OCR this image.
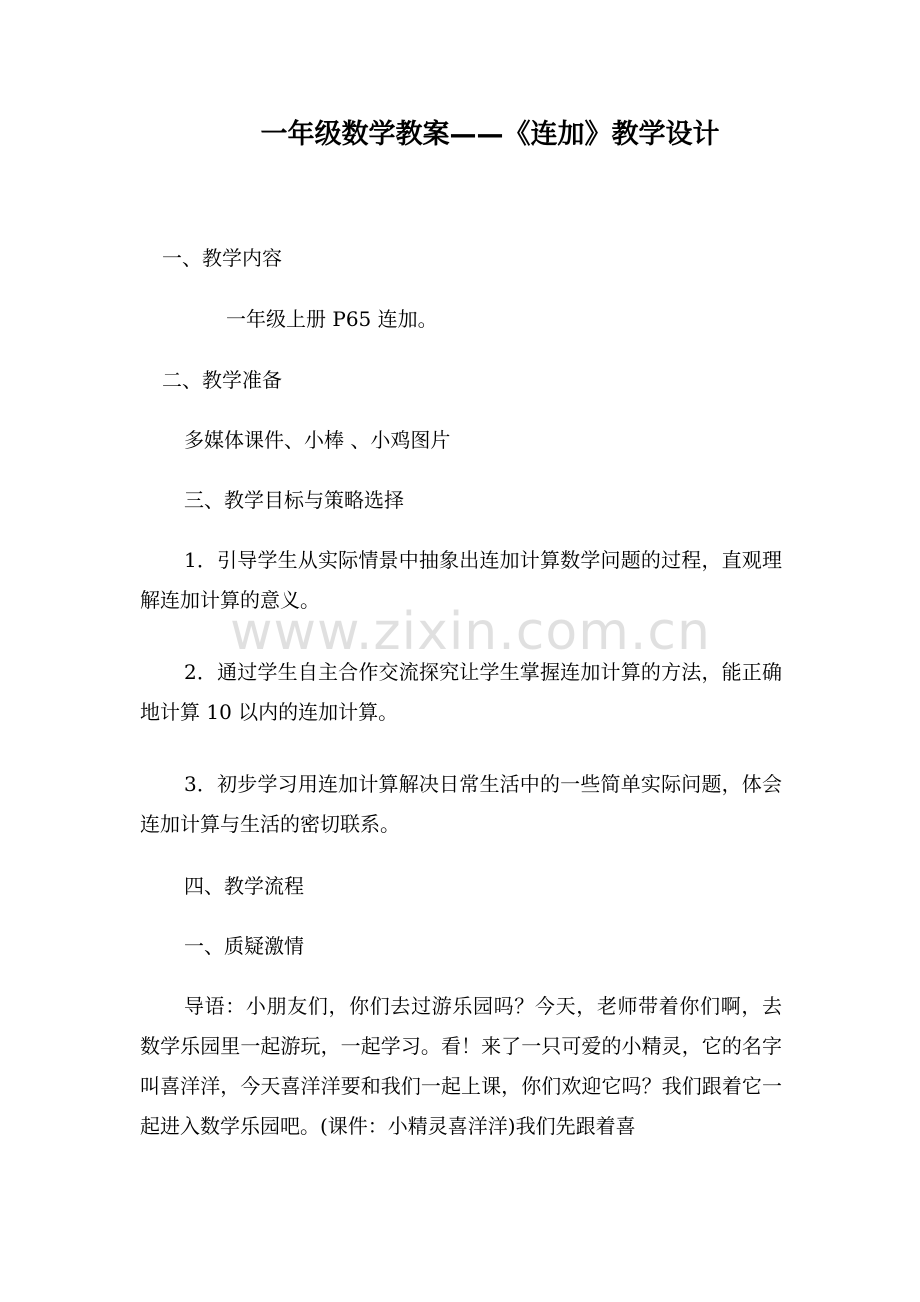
一年级数学教案——《连加》教学设计
一、教学内容
一年级上册 P65 连加。
二、教学准备
多媒体课件、小棒 、小鸡图片
三、教学目标与策略选择
1．引导学生从实际情景中抽象出连加计算数学问题的过程，直观理解连加计算的意义。
2．通过学生自主合作交流探究让学生掌握连加计算的方法，能正确地计算 10 以内的连加计算。
3．初步学习用连加计算解决日常生活中的一些简单实际问题，体会连加计算与生活的密切联系。
四、教学流程
一、质疑激情
导语：小朋友们，你们去过游乐园吗？今天，老师带着你们啊，去数学乐园里一起游玩，一起学习。看！来了一只可爱的小精灵，它的名字叫喜洋洋，今天喜洋洋要和我们一起上课，你们欢迎它吗？我们跟着它一起进入数学乐园吧。(课件：小精灵喜洋洋)我们先跟着喜
www.zixin.com.cn
